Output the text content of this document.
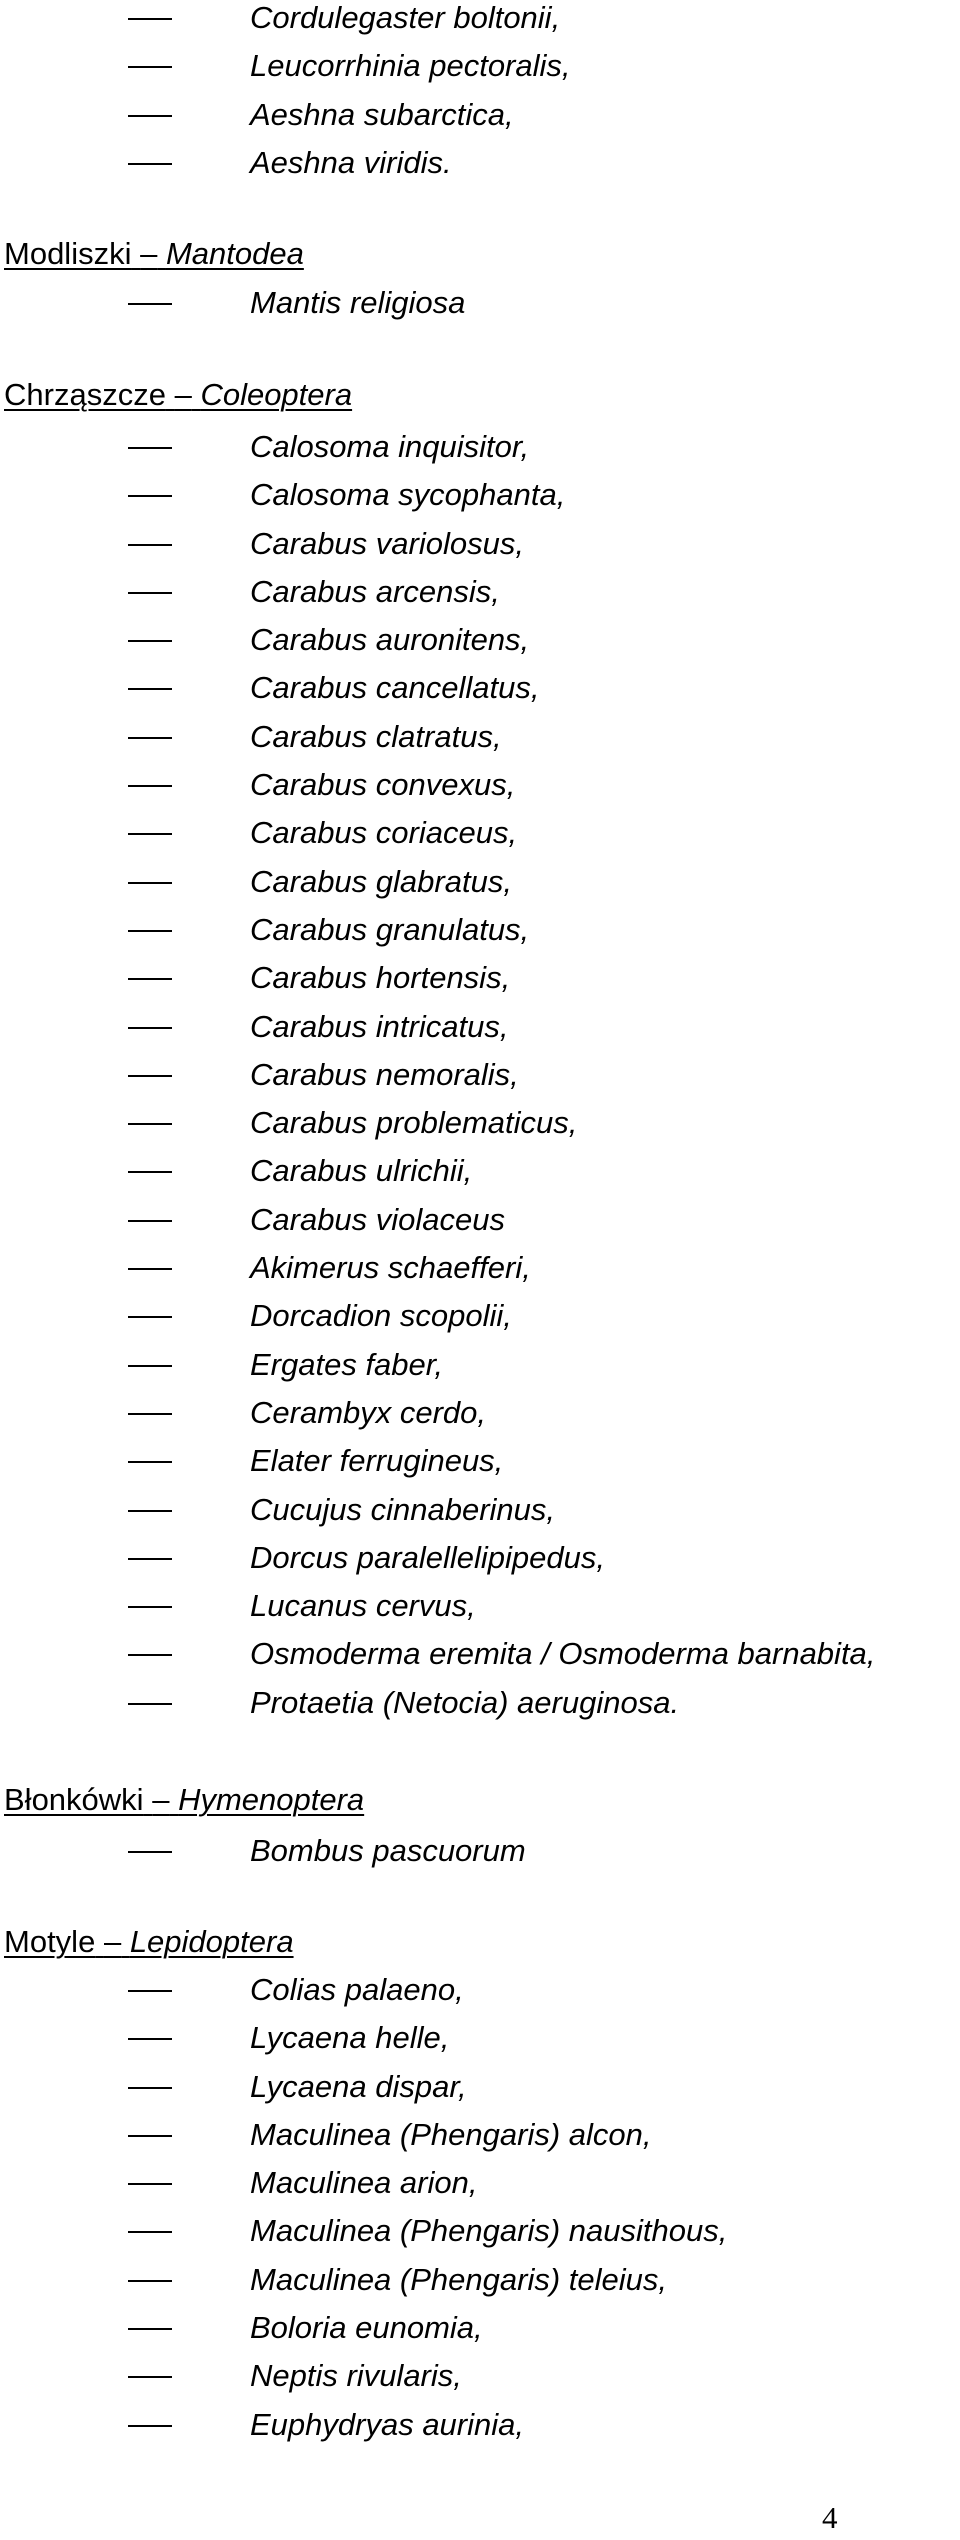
Cordulegaster boltonii,
Leucorrhinia pectoralis,
Aeshna subarctica,
Aeshna viridis.
Modliszki – Mantodea
Mantis religiosa
Chrząszcze – Coleoptera
Calosoma inquisitor,
Calosoma sycophanta,
Carabus variolosus,
Carabus arcensis,
Carabus auronitens,
Carabus cancellatus,
Carabus clatratus,
Carabus convexus,
Carabus coriaceus,
Carabus glabratus,
Carabus granulatus,
Carabus hortensis,
Carabus intricatus,
Carabus nemoralis,
Carabus problematicus,
Carabus ulrichii,
Carabus violaceus
Akimerus schaefferi,
Dorcadion scopolii,
Ergates faber,
Cerambyx cerdo,
Elater ferrugineus,
Cucujus cinnaberinus,
Dorcus paralellelipipedus,
Lucanus cervus,
Osmoderma eremita / Osmoderma barnabita,
Protaetia (Netocia) aeruginosa.
Błonkówki – Hymenoptera
Bombus pascuorum
Motyle – Lepidoptera
Colias palaeno,
Lycaena helle,
Lycaena dispar,
Maculinea (Phengaris) alcon,
Maculinea arion,
Maculinea (Phengaris) nausithous,
Maculinea (Phengaris) teleius,
Boloria eunomia,
Neptis rivularis,
Euphydryas aurinia,
4
